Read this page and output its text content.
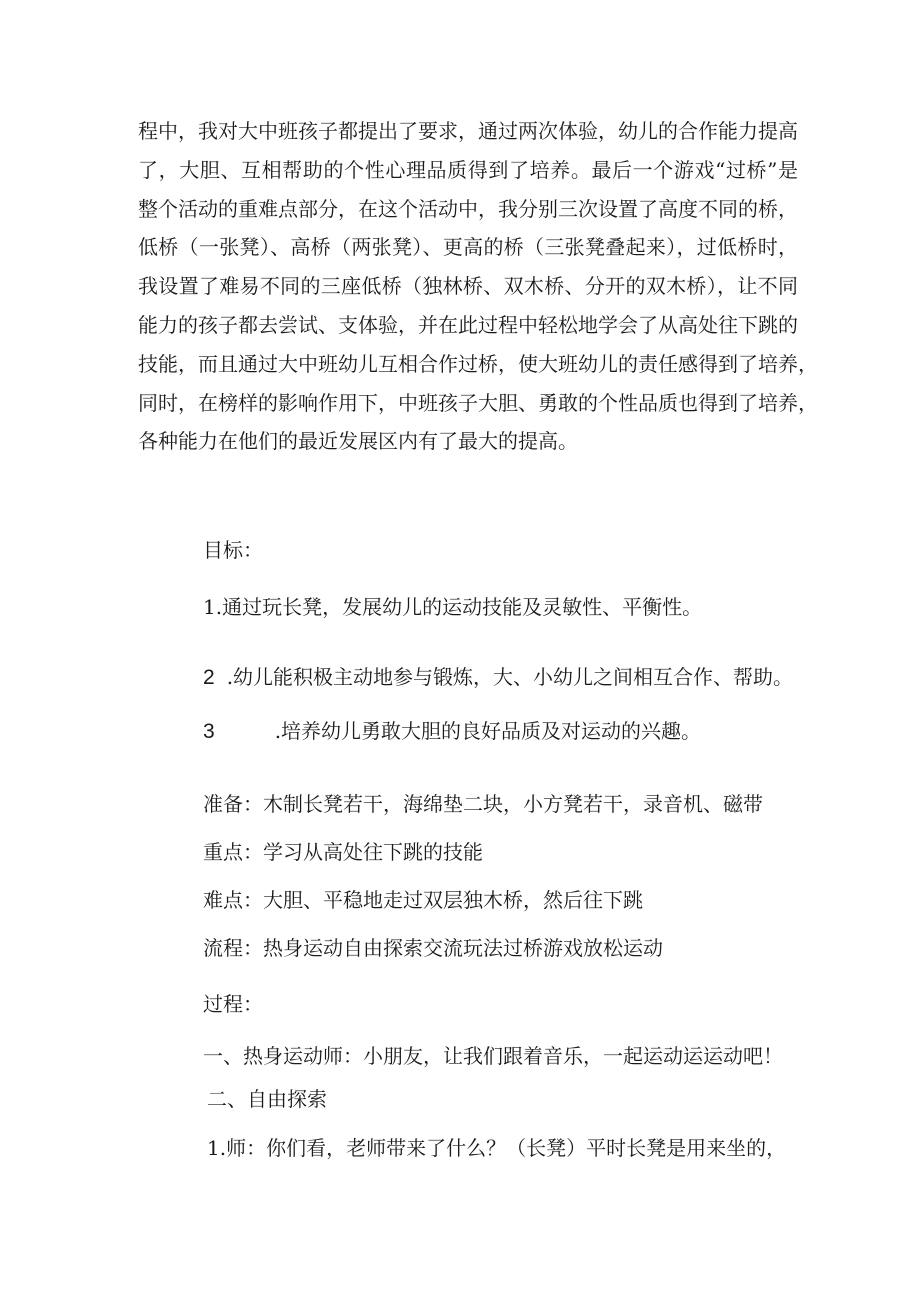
程中，我对大中班孩子都提出了要求，通过两次体验，幼儿的合作能力提高
了，大胆、互相帮助的个性心理品质得到了培养。最后一个游戏“过桥”是
整个活动的重难点部分，在这个活动中，我分别三次设置了高度不同的桥，
低桥（一张凳）、高桥（两张凳）、更高的桥（三张凳叠起来），过低桥时，
我设置了难易不同的三座低桥（独林桥、双木桥、分开的双木桥），让不同
能力的孩子都去尝试、支体验，并在此过程中轻松地学会了从高处往下跳的
技能，而且通过大中班幼儿互相合作过桥，使大班幼儿的责任感得到了培养，
同时，在榜样的影响作用下，中班孩子大胆、勇敢的个性品质也得到了培养，
各种能力在他们的最近发展区内有了最大的提高。
目标：
1.通过玩长凳，发展幼儿的运动技能及灵敏性、平衡性。
2 .幼儿能积极主动地参与锻炼，大、小幼儿之间相互合作、帮助。
3	.培养幼儿勇敢大胆的良好品质及对运动的兴趣。
准备：木制长凳若干，海绵垫二块，小方凳若干，录音机、磁带
重点：学习从高处往下跳的技能
难点：大胆、平稳地走过双层独木桥，然后往下跳
流程：热身运动自由探索交流玩法过桥游戏放松运动
过程：
一、热身运动师：小朋友，让我们跟着音乐，一起运动运运动吧！
二、自由探索
1.师：你们看，老师带来了什么？（长凳）平时长凳是用来坐的，
